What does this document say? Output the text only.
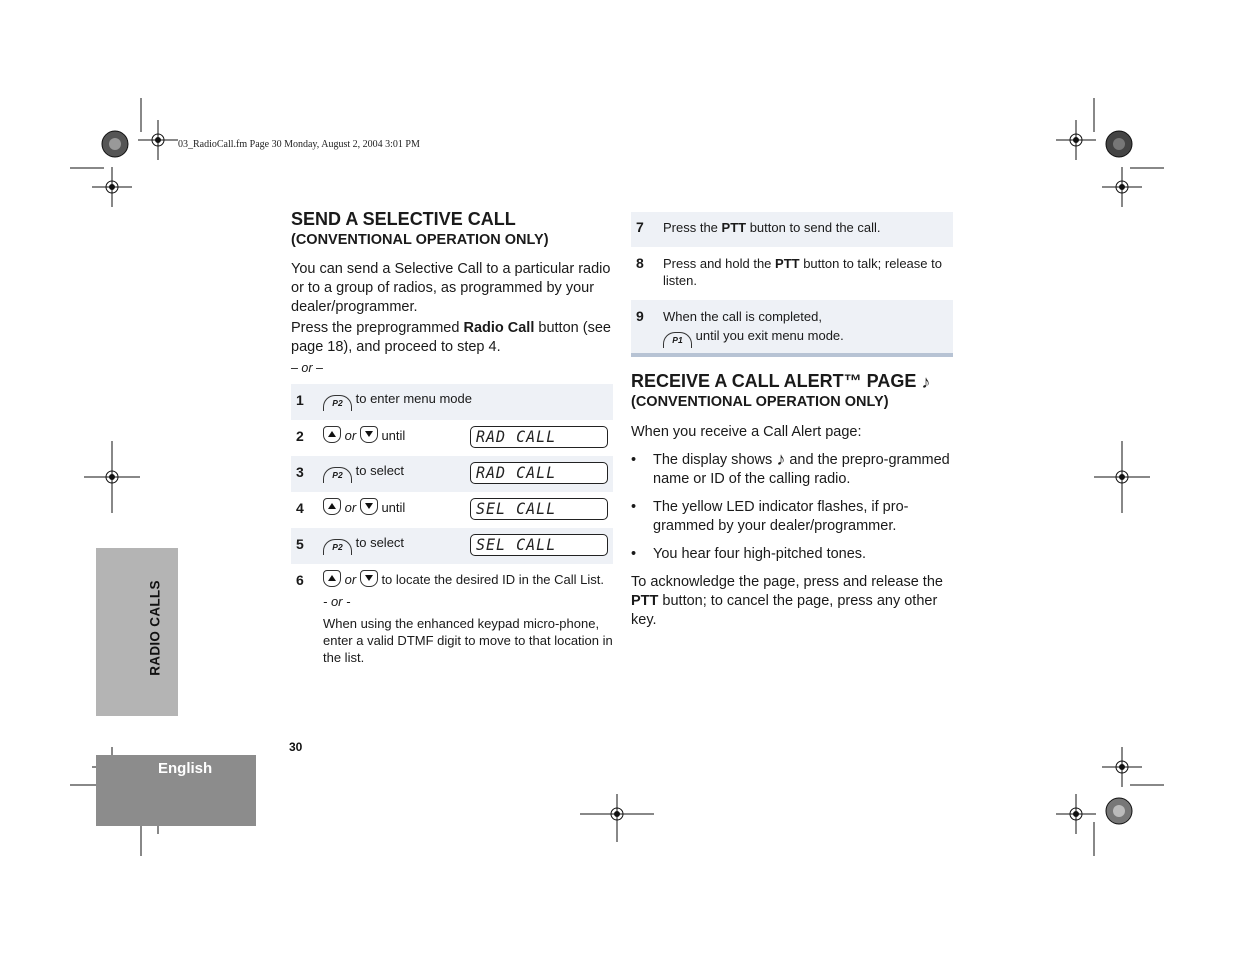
03_RadioCall.fm Page 30 Monday, August 2, 2004 3:01 PM
RADIO CALLS
English
30
SEND A SELECTIVE CALL
(CONVENTIONAL OPERATION ONLY)

You can send a Selective Call to a particular radio or to a group of radios, as programmed by your dealer/programmer.

Press the preprogrammed Radio Call button (see page 18), and proceed to step 4.

– or –
1	P2 to enter menu mode
2	or until	RAD CALL
3	P2 to select	RAD CALL
4	or until	SEL CALL
5	P2 to select	SEL CALL
6	or to locate the desired ID in the Call List.
- or -
When using the enhanced keypad micro-phone, enter a valid DTMF digit to move to that location in the list.
7	Press the PTT button to send the call.
8	Press and hold the PTT button to talk; release to listen.
9	When the call is completed,
P1 until you exit menu mode.
RECEIVE A CALL ALERT™ PAGE ♪
(CONVENTIONAL OPERATION ONLY)

When you receive a Call Alert page:

• The display shows ♪ and the prepro-grammed name or ID of the calling radio.
• The yellow LED indicator flashes, if pro-grammed by your dealer/programmer.
• You hear four high-pitched tones.

To acknowledge the page, press and release the PTT button; to cancel the page, press any other key.
